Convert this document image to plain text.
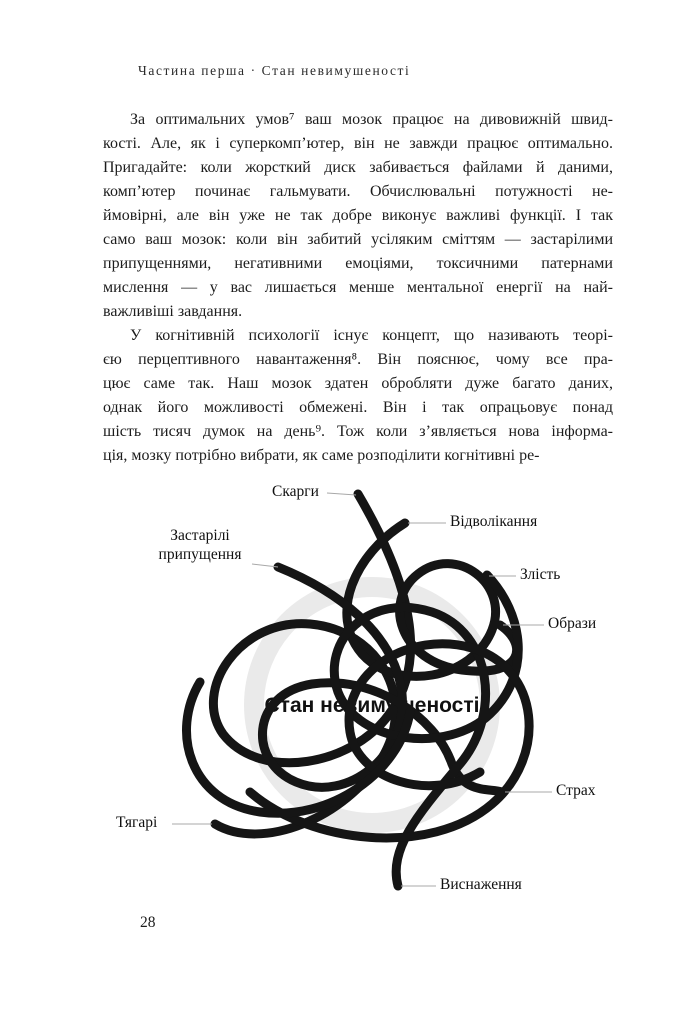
Частина перша · Стан невимушеності
За оптимальних умов⁷ ваш мозок працює на дивовижній швид-
кості. Але, як і суперкомп’ютер, він не завжди працює оптимально.
Пригадайте: коли жорсткий диск забивається файлами й даними,
комп’ютер починає гальмувати. Обчислювальні потужності не-
ймовірні, але він уже не так добре виконує важливі функції. І так
само ваш мозок: коли він забитий усіляким сміттям — застарілими
припущеннями, негативними емоціями, токсичними патернами
мислення — у вас лишається менше ментальної енергії на най-
важливіші завдання.
У когнітивній психології існує концепт, що називають теорі-
єю перцептивного навантаження⁸. Він пояснює, чому все пра-
цює саме так. Наш мозок здатен обробляти дуже багато даних,
однак його можливості обмежені. Він і так опрацьовує понад
шість тисяч думок на день⁹. Тож коли з’являється нова інформа-
ція, мозку потрібно вибрати, як саме розподілити когнітивні ре-
Стан невимушеності
Скарги
Відволікання
Застарілі припущення
Злість
Образи
Страх
Тягарі
Виснаження
28
